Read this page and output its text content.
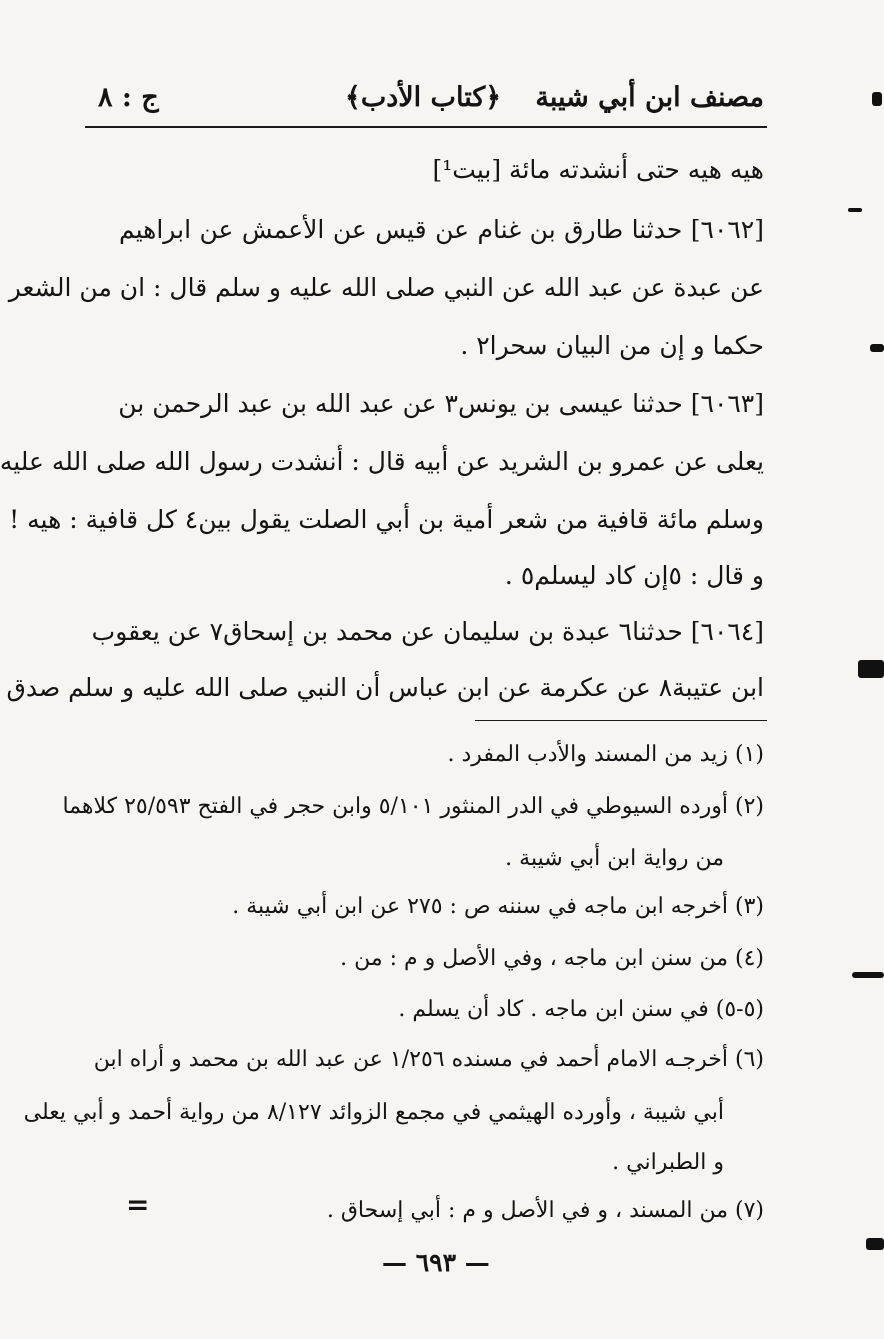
مصنف ابن أبي شيبة
﴿كتاب الأدب﴾
ج : ٨
هيه هيه حتى أنشدته مائة [بيت¹]
[٦٠٦٢] حدثنا طارق بن غنام عن قيس عن الأعمش عن ابراهيم
عن عبدة عن عبد الله عن النبي صلى الله عليه و سلم قال : ان من الشعر
حكما و إن من البيان سحرا٢ .
[٦٠٦٣] حدثنا عيسى بن يونس٣ عن عبد الله بن عبد الرحمن بن
يعلى عن عمرو بن الشريد عن أبيه قال : أنشدت رسول الله صلى الله عليه
وسلم مائة قافية من شعر أمية بن أبي الصلت يقول بين٤ كل قافية : هيه !
و قال : ٥إن كاد ليسلم٥ .
[٦٠٦٤] حدثنا٦ عبدة بن سليمان عن محمد بن إسحاق٧ عن يعقوب
ابن عتيبة٨ عن عكرمة عن ابن عباس أن النبي صلى الله عليه و سلم صدق
(١) زيد من المسند والأدب المفرد .
(٢) أورده السيوطي في الدر المنثور ٥/١٠١ وابن حجر في الفتح ٢٥/٥٩٣ كلاهما
من رواية ابن أبي شيبة .
(٣) أخرجه ابن ماجه في سننه ص : ٢٧٥ عن ابن أبي شيبة .
(٤) من سنن ابن ماجه ، وفي الأصل و م : من .
(٥-٥) في سنن ابن ماجه . كاد أن يسلم .
(٦) أخرجـه الامام أحمد في مسنده ١/٢٥٦ عن عبد الله بن محمد و أراه ابن
أبي شيبة ، وأورده الهيثمي في مجمع الزوائد ٨/١٢٧ من رواية أحمد و أبي يعلى
و الطبراني .
(٧) من المسند ، و في الأصل و م : أبي إسحاق .
=
— ٦٩٣ —
